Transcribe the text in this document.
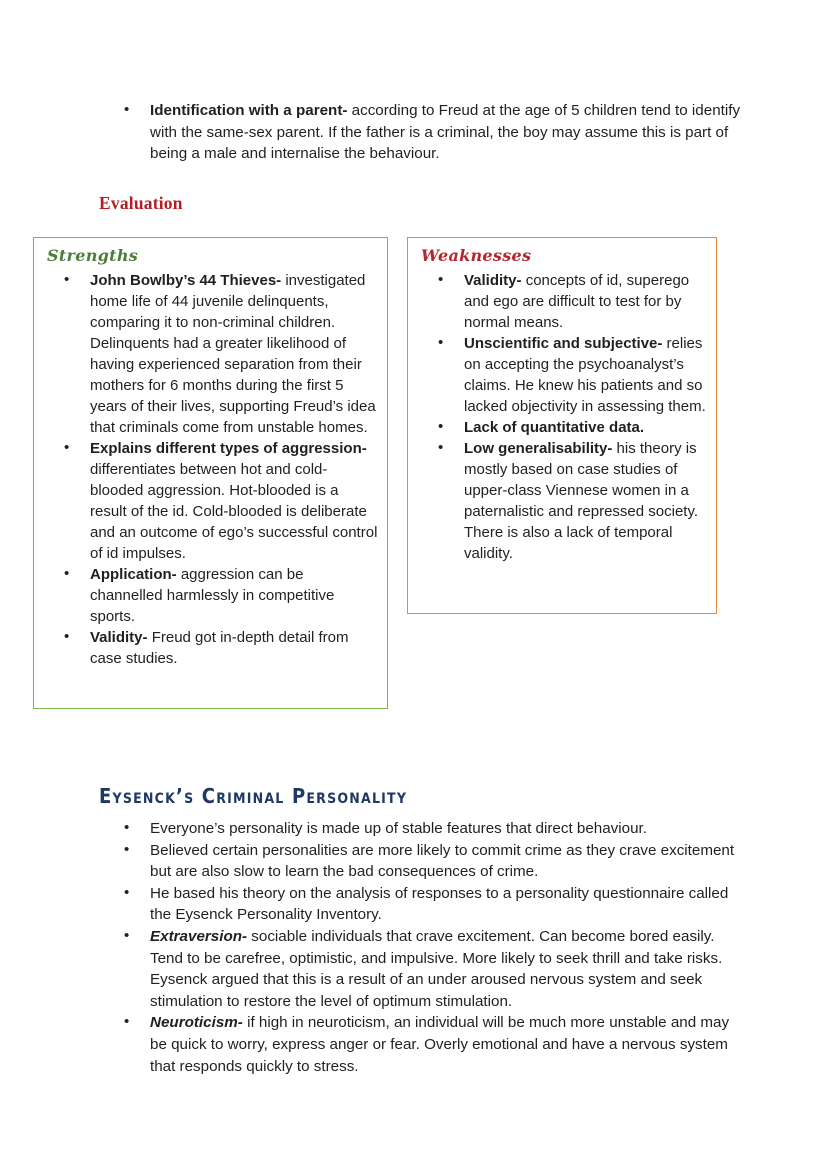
• Identification with a parent- according to Freud at the age of 5 children tend to identify with the same-sex parent. If the father is a criminal, the boy may assume this is part of being a male and internalise the behaviour.
Evaluation
Strengths
• John Bowlby’s 44 Thieves- investigated home life of 44 juvenile delinquents, comparing it to non-criminal children. Delinquents had a greater likelihood of having experienced separation from their mothers for 6 months during the first 5 years of their lives, supporting Freud’s idea that criminals come from unstable homes.
• Explains different types of aggression- differentiates between hot and cold-blooded aggression. Hot-blooded is a result of the id. Cold-blooded is deliberate and an outcome of ego’s successful control of id impulses.
• Application- aggression can be channelled harmlessly in competitive sports.
• Validity- Freud got in-depth detail from case studies.
Weaknesses
• Validity- concepts of id, superego and ego are difficult to test for by normal means.
• Unscientific and subjective- relies on accepting the psychoanalyst’s claims. He knew his patients and so lacked objectivity in assessing them.
• Lack of quantitative data.
• Low generalisability- his theory is mostly based on case studies of upper-class Viennese women in a paternalistic and repressed society. There is also a lack of temporal validity.
Eysenck’s Criminal Personality
• Everyone’s personality is made up of stable features that direct behaviour.
• Believed certain personalities are more likely to commit crime as they crave excitement but are also slow to learn the bad consequences of crime.
• He based his theory on the analysis of responses to a personality questionnaire called the Eysenck Personality Inventory.
• Extraversion- sociable individuals that crave excitement. Can become bored easily. Tend to be carefree, optimistic, and impulsive. More likely to seek thrill and take risks. Eysenck argued that this is a result of an under aroused nervous system and seek stimulation to restore the level of optimum stimulation.
• Neuroticism- if high in neuroticism, an individual will be much more unstable and may be quick to worry, express anger or fear. Overly emotional and have a nervous system that responds quickly to stress.
